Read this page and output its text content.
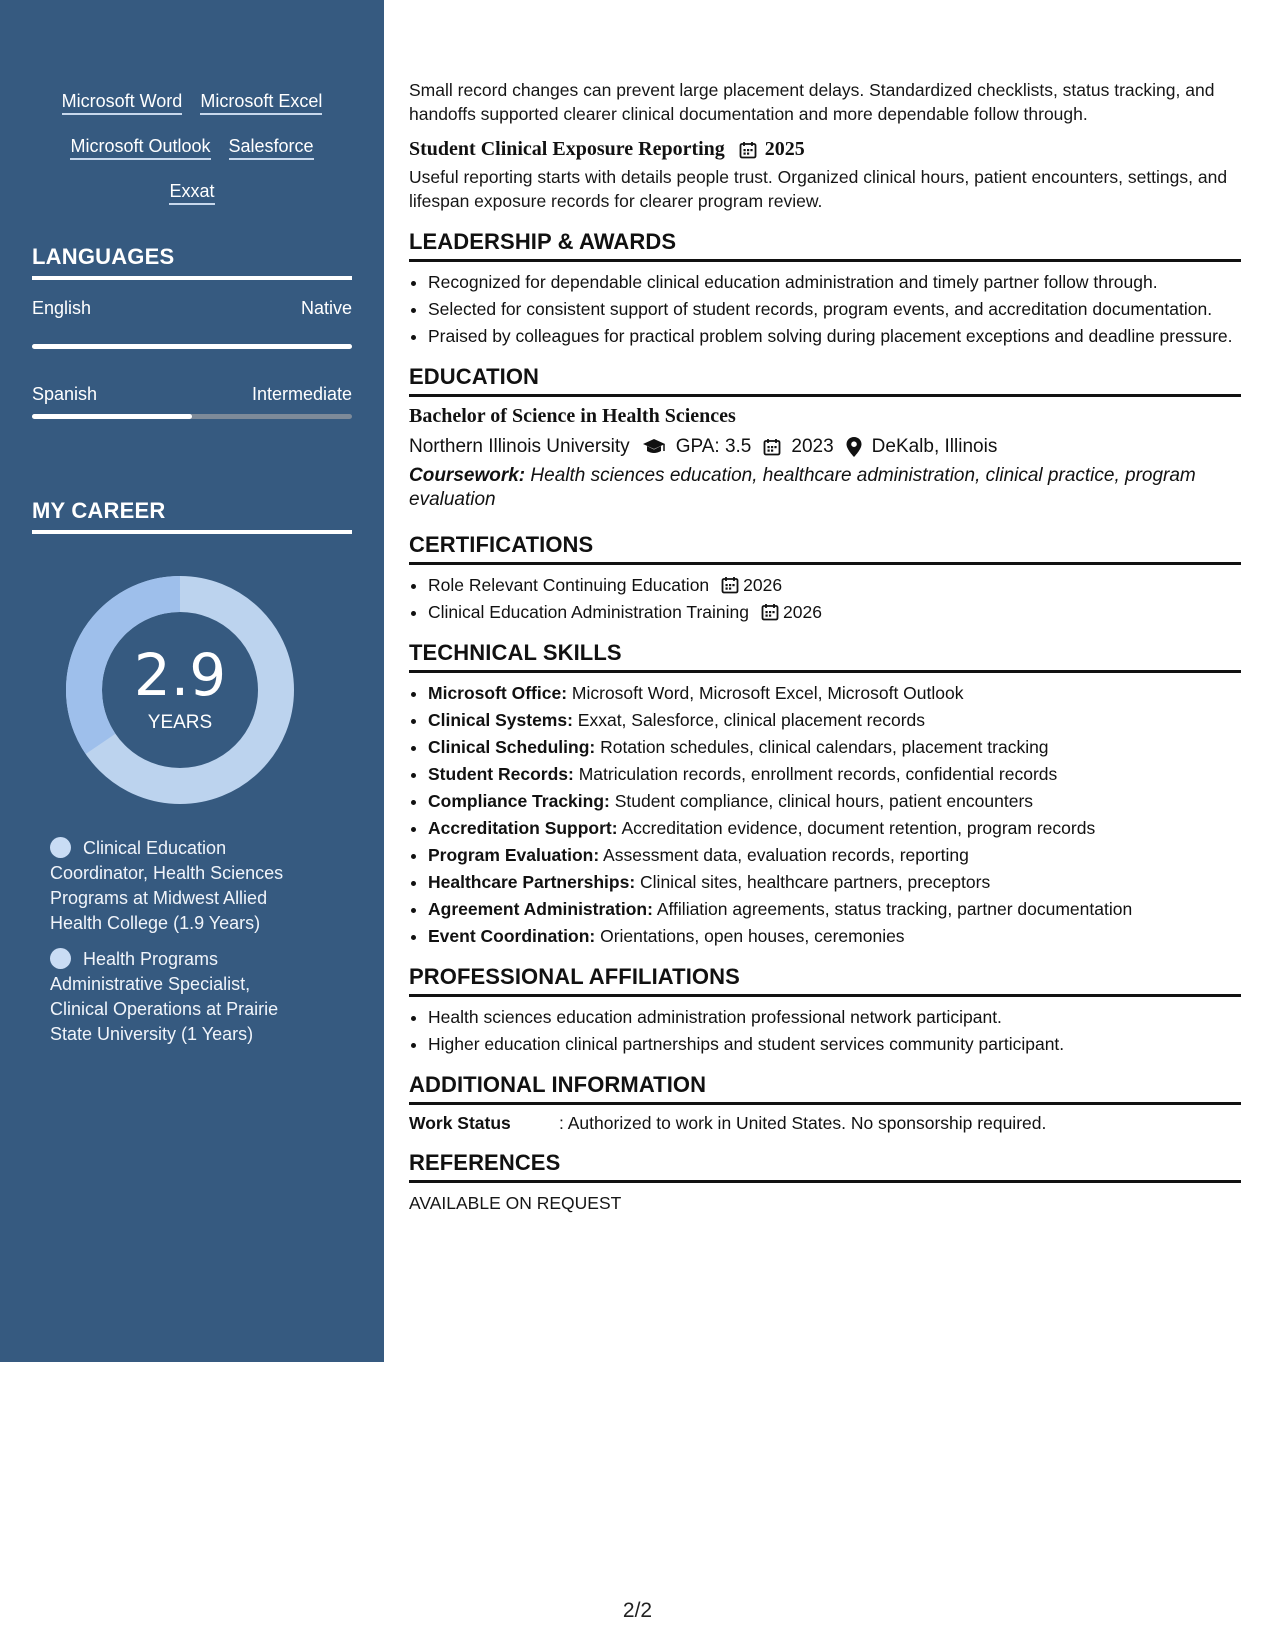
Microsoft Word Microsoft Excel
Microsoft Outlook Salesforce
Exxat
LANGUAGES
English	Native
Spanish	Intermediate
MY CAREER
2.9
YEARS
Clinical Education Coordinator, Health Sciences Programs at Midwest Allied Health College (1.9 Years)
Health Programs Administrative Specialist, Clinical Operations at Prairie State University (1 Years)
Small record changes can prevent large placement delays. Standardized checklists, status tracking, and handoffs supported clearer clinical documentation and more dependable follow through.
Student Clinical Exposure Reporting 2025
Useful reporting starts with details people trust. Organized clinical hours, patient encounters, settings, and lifespan exposure records for clearer program review.
LEADERSHIP & AWARDS
• Recognized for dependable clinical education administration and timely partner follow through.
• Selected for consistent support of student records, program events, and accreditation documentation.
• Praised by colleagues for practical problem solving during placement exceptions and deadline pressure.
EDUCATION
Bachelor of Science in Health Sciences
Northern Illinois University GPA: 3.5 2023 DeKalb, Illinois
Coursework: Health sciences education, healthcare administration, clinical practice, program evaluation
CERTIFICATIONS
• Role Relevant Continuing Education 2026
• Clinical Education Administration Training 2026
TECHNICAL SKILLS
• Microsoft Office: Microsoft Word, Microsoft Excel, Microsoft Outlook
• Clinical Systems: Exxat, Salesforce, clinical placement records
• Clinical Scheduling: Rotation schedules, clinical calendars, placement tracking
• Student Records: Matriculation records, enrollment records, confidential records
• Compliance Tracking: Student compliance, clinical hours, patient encounters
• Accreditation Support: Accreditation evidence, document retention, program records
• Program Evaluation: Assessment data, evaluation records, reporting
• Healthcare Partnerships: Clinical sites, healthcare partners, preceptors
• Agreement Administration: Affiliation agreements, status tracking, partner documentation
• Event Coordination: Orientations, open houses, ceremonies
PROFESSIONAL AFFILIATIONS
• Health sciences education administration professional network participant.
• Higher education clinical partnerships and student services community participant.
ADDITIONAL INFORMATION
Work Status	: Authorized to work in United States. No sponsorship required.
REFERENCES
AVAILABLE ON REQUEST
2/2
